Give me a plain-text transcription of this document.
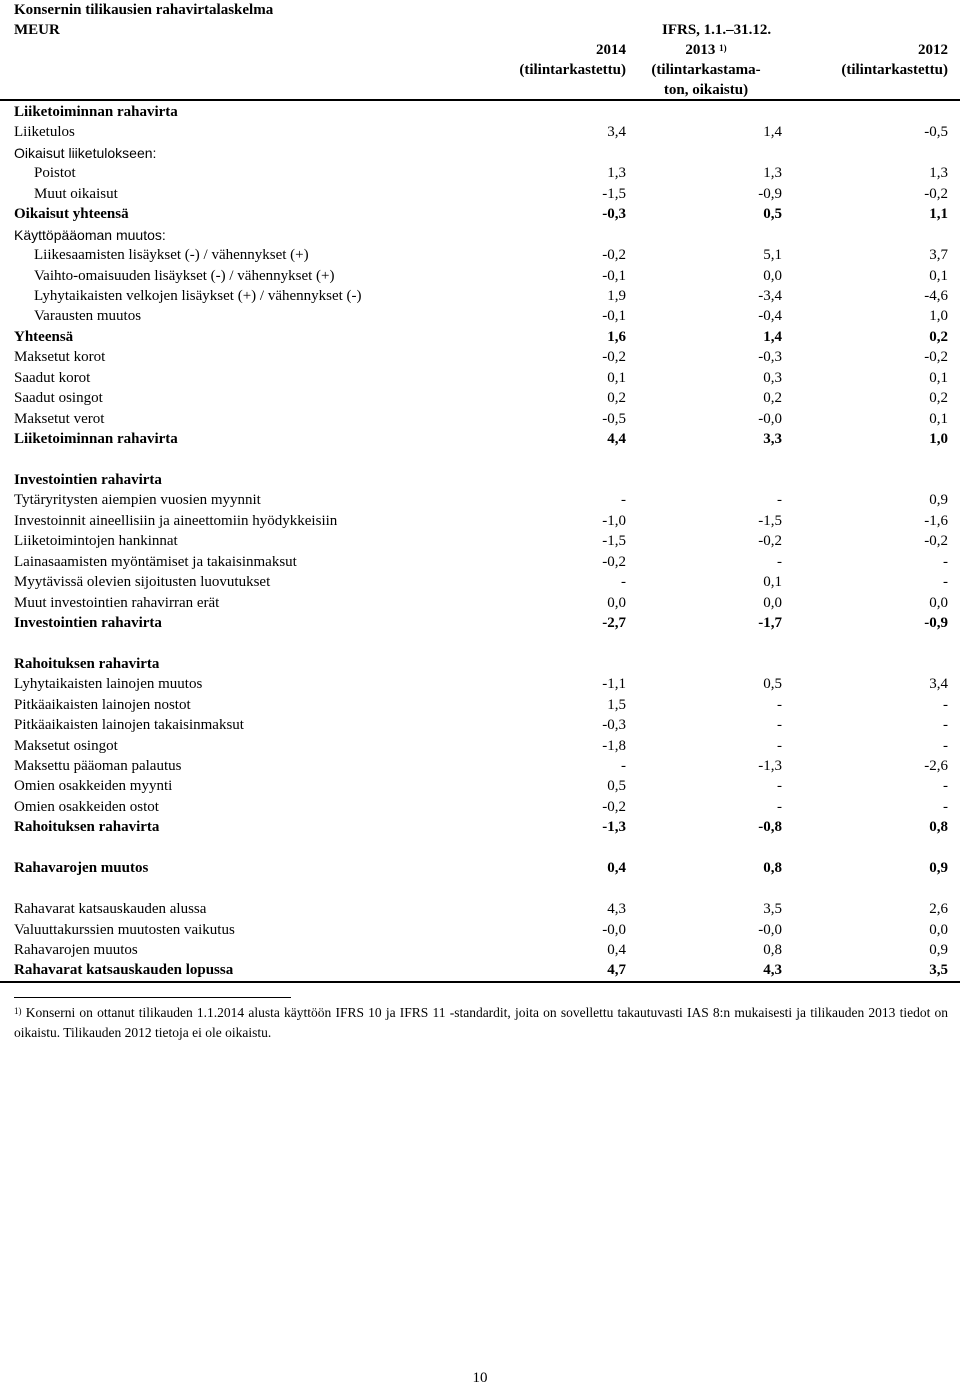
Konsernin tilikausien rahavirtalaskelma
MEUR	IFRS, 1.1.–31.12.
2014
(tilintarkastettu)
2013 $^{1)}$
(tilintarkastama-
ton, oikaistu)
2012
(tilintarkastettu)
Liiketoiminnan rahavirta
Liiketulos	3,4	1,4	-0,5
Oikaisut liiketulokseen:
Poistot	1,3	1,3	1,3
Muut oikaisut	-1,5	-0,9	-0,2
Oikaisut yhteensä	-0,3	0,5	1,1
Käyttöpääoman muutos:
Liikesaamisten lisäykset (-) / vähennykset (+)	-0,2	5,1	3,7
Vaihto-omaisuuden lisäykset (-) / vähennykset (+)	-0,1	0,0	0,1
Lyhytaikaisten velkojen lisäykset (+) / vähennykset (-)	1,9	-3,4	-4,6
Varausten muutos	-0,1	-0,4	1,0
Yhteensä	1,6	1,4	0,2
Maksetut korot	-0,2	-0,3	-0,2
Saadut korot	0,1	0,3	0,1
Saadut osingot	0,2	0,2	0,2
Maksetut verot	-0,5	-0,0	0,1
Liiketoiminnan rahavirta	4,4	3,3	1,0
Investointien rahavirta
Tytäryritysten aiempien vuosien myynnit	-	-	0,9
Investoinnit aineellisiin ja aineettomiin hyödykkeisiin	-1,0	-1,5	-1,6
Liiketoimintojen hankinnat	-1,5	-0,2	-0,2
Lainasaamisten myöntämiset ja takaisinmaksut	-0,2	-	-
Myytävissä olevien sijoitusten luovutukset	-	0,1	-
Muut investointien rahavirran erät	0,0	0,0	0,0
Investointien rahavirta	-2,7	-1,7	-0,9
Rahoituksen rahavirta
Lyhytaikaisten lainojen muutos	-1,1	0,5	3,4
Pitkäaikaisten lainojen nostot	1,5	-	-
Pitkäaikaisten lainojen takaisinmaksut	-0,3	-	-
Maksetut osingot	-1,8	-	-
Maksettu pääoman palautus	-	-1,3	-2,6
Omien osakkeiden myynti	0,5	-	-
Omien osakkeiden ostot	-0,2	-	-
Rahoituksen rahavirta	-1,3	-0,8	0,8
Rahavarojen muutos	0,4	0,8	0,9
Rahavarat katsauskauden alussa	4,3	3,5	2,6
Valuuttakurssien muutosten vaikutus	-0,0	-0,0	0,0
Rahavarojen muutos	0,4	0,8	0,9
Rahavarat katsauskauden lopussa	4,7	4,3	3,5
$^{1)}$ Konserni on ottanut tilikauden 1.1.2014 alusta käyttöön IFRS 10 ja IFRS 11 -standardit, joita on sovellettu takautuvasti IAS 8:n mukaisesti ja tilikauden 2013 tiedot on oikaistu. Tilikauden 2012 tietoja ei ole oikaistu.
10
